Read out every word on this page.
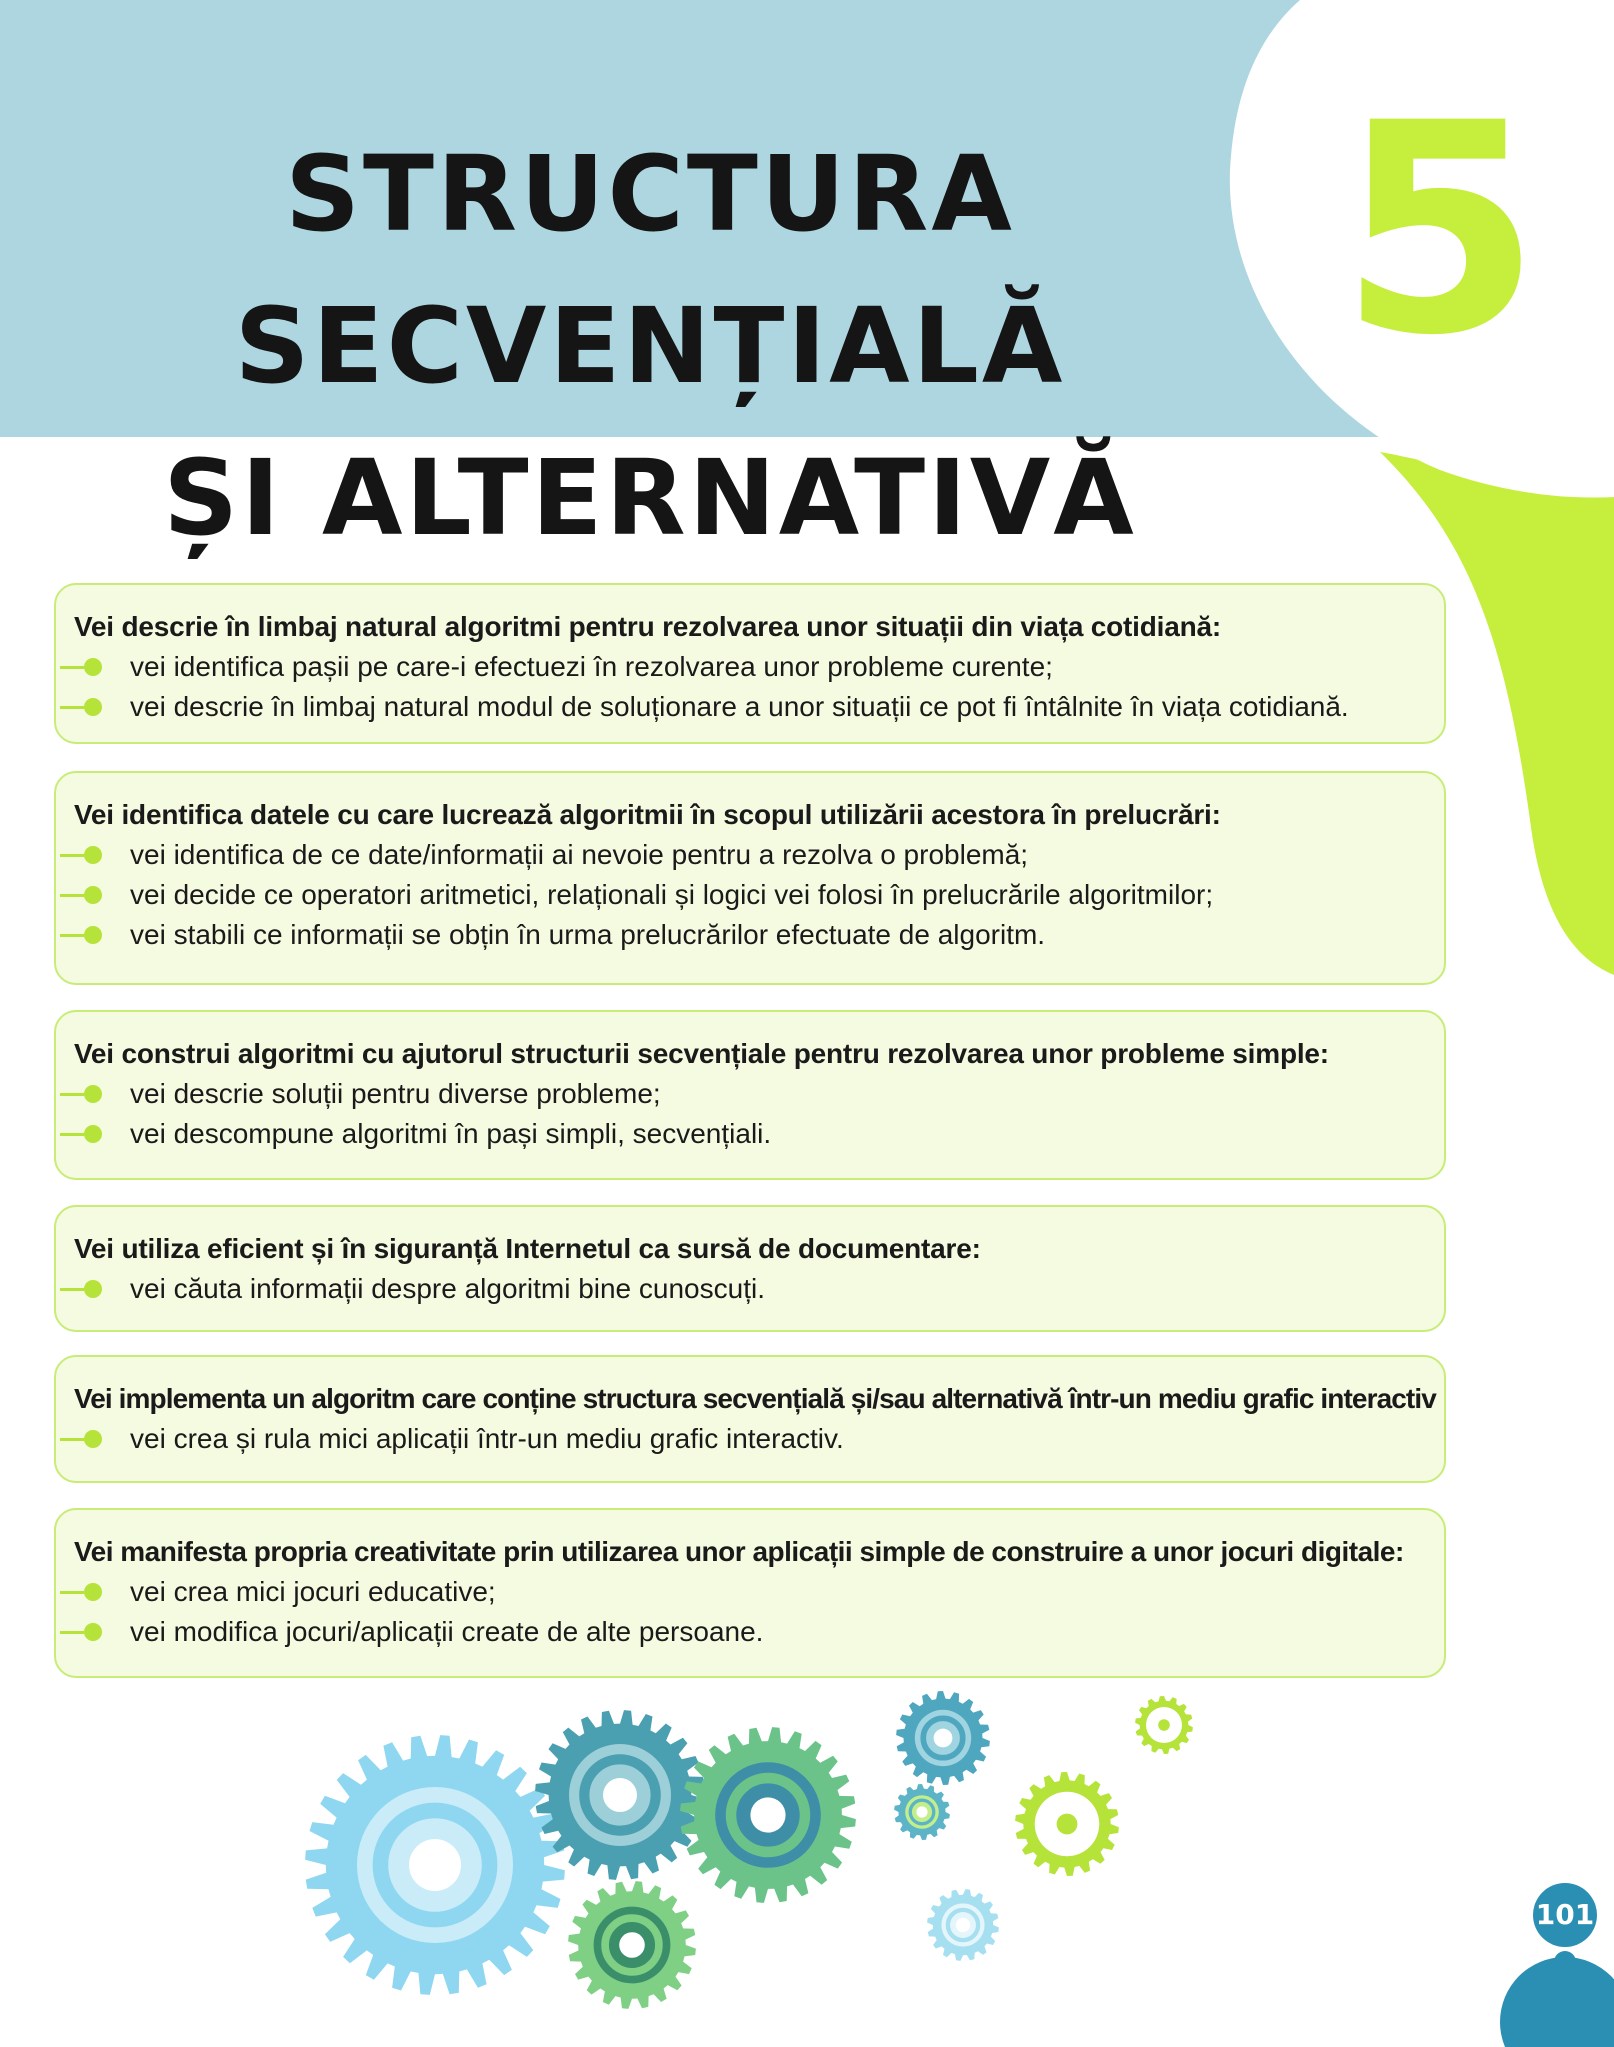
STRUCTURA SECVENȚIALĂ
ȘI ALTERNATIVĂ
5
Vei descrie în limbaj natural algoritmi pentru rezolvarea unor situații din viața cotidiană:
vei identifica pașii pe care-i efectuezi în rezolvarea unor probleme curente;
vei descrie în limbaj natural modul de soluționare a unor situații ce pot fi întâlnite în viața cotidiană.
Vei identifica datele cu care lucrează algoritmii în scopul utilizării acestora în prelucrări:
vei identifica de ce date/informații ai nevoie pentru a rezolva o problemă;
vei decide ce operatori aritmetici, relaționali și logici vei folosi în prelucrările algoritmilor;
vei stabili ce informații se obțin în urma prelucrărilor efectuate de algoritm.
Vei construi algoritmi cu ajutorul structurii secvențiale pentru rezolvarea unor probleme simple:
vei descrie soluții pentru diverse probleme;
vei descompune algoritmi în pași simpli, secvențiali.
Vei utiliza eficient și în siguranță Internetul ca sursă de documentare:
vei căuta informații despre algoritmi bine cunoscuți.
Vei implementa un algoritm care conține structura secvențială și/sau alternativă într-un mediu grafic interactiv
vei crea și rula mici aplicații într-un mediu grafic interactiv.
Vei manifesta propria creativitate prin utilizarea unor aplicații simple de construire a unor jocuri digitale:
vei crea mici jocuri educative;
vei modifica jocuri/aplicații create de alte persoane.
101
